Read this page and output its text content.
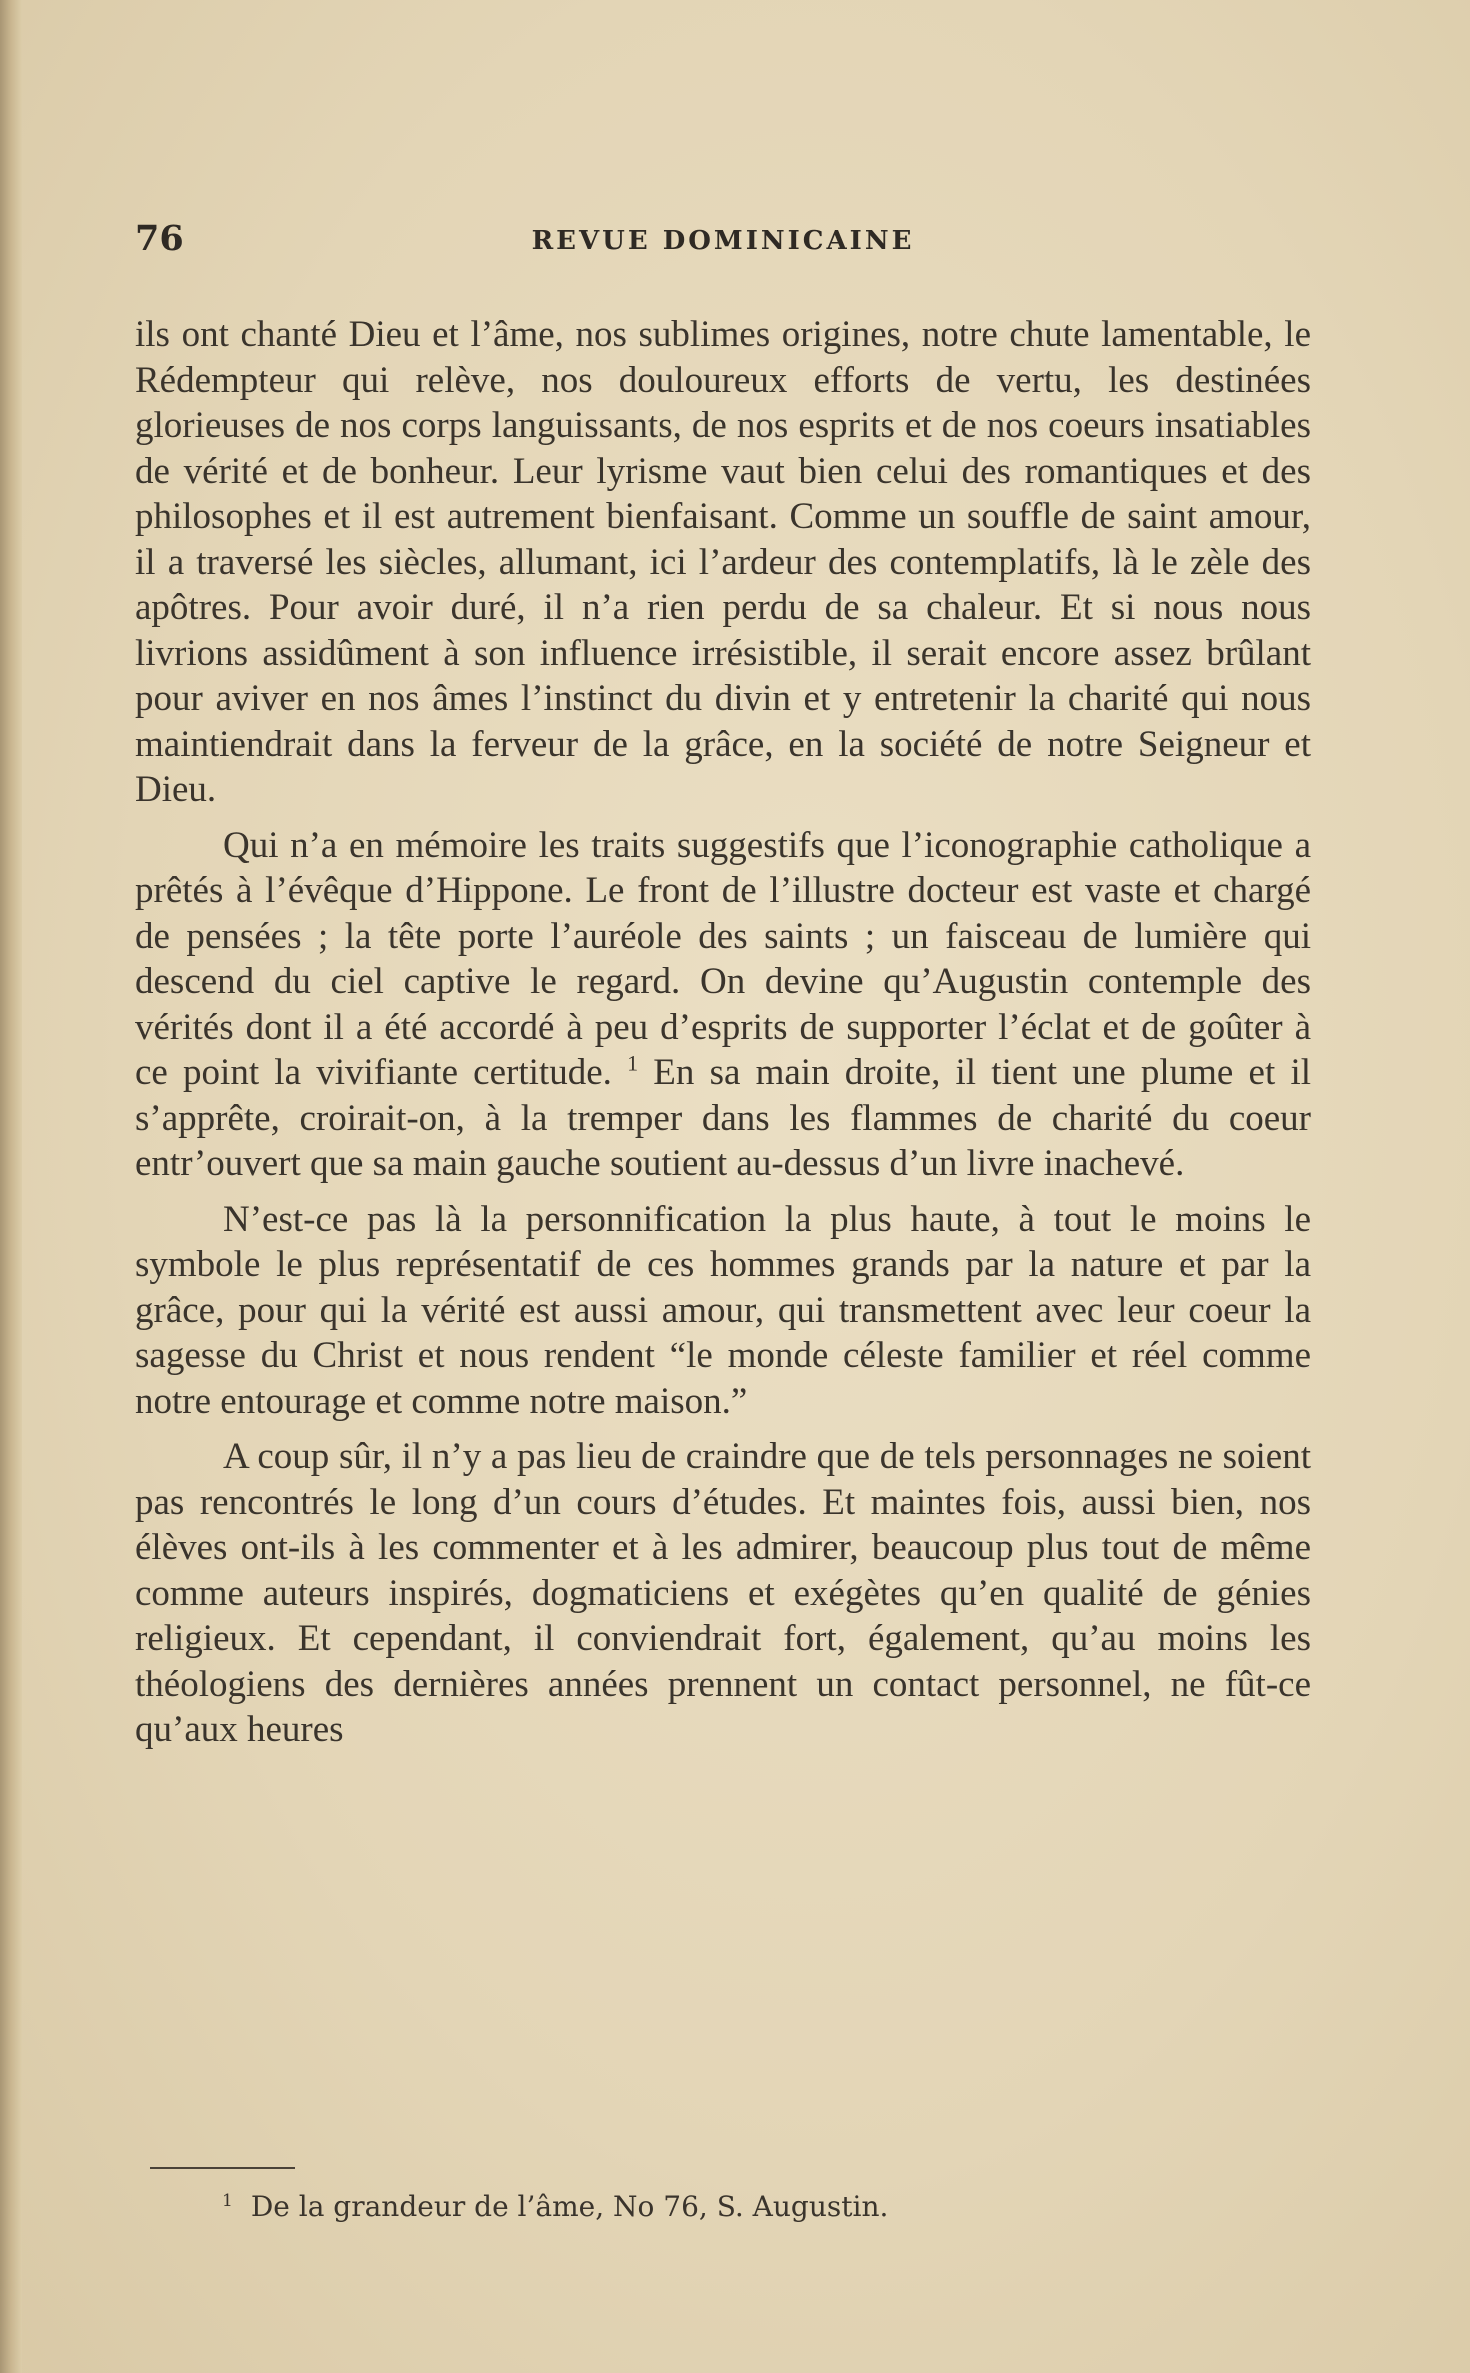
76	REVUE DOMINICAINE

ils ont chanté Dieu et l’âme, nos sublimes origines, notre chute lamentable, le Rédempteur qui relève, nos douloureux efforts de vertu, les destinées glorieuses de nos corps languissants, de nos esprits et de nos coeurs insatiables de vérité et de bonheur. Leur lyrisme vaut bien celui des romantiques et des philosophes et il est autrement bienfaisant. Comme un souffle de saint amour, il a traversé les siècles, allumant, ici l’ardeur des contemplatifs, là le zèle des apôtres. Pour avoir duré, il n’a rien perdu de sa chaleur. Et si nous nous livrions assidûment à son influence irrésistible, il serait encore assez brûlant pour aviver en nos âmes l’instinct du divin et y entretenir la charité qui nous maintiendrait dans la ferveur de la grâce, en la société de notre Seigneur et Dieu.

Qui n’a en mémoire les traits suggestifs que l’iconographie catholique a prêtés à l’évêque d’Hippone. Le front de l’illustre docteur est vaste et chargé de pensées ; la tête porte l’auréole des saints ; un faisceau de lumière qui descend du ciel captive le regard. On devine qu’Augustin contemple des vérités dont il a été accordé à peu d’esprits de supporter l’éclat et de goûter à ce point la vivifiante certitude. $^1$ En sa main droite, il tient une plume et il s’apprête, croirait-on, à la tremper dans les flammes de charité du coeur entr’ouvert que sa main gauche soutient au-dessus d’un livre inachevé.

N’est-ce pas là la personnification la plus haute, à tout le moins le symbole le plus représentatif de ces hommes grands par la nature et par la grâce, pour qui la vérité est aussi amour, qui transmettent avec leur coeur la sagesse du Christ et nous rendent “le monde céleste familier et réel comme notre entourage et comme notre maison.”

A coup sûr, il n’y a pas lieu de craindre que de tels personnages ne soient pas rencontrés le long d’un cours d’études. Et maintes fois, aussi bien, nos élèves ont-ils à les commenter et à les admirer, beaucoup plus tout de même comme auteurs inspirés, dogmaticiens et exégètes qu’en qualité de génies religieux. Et cependant, il conviendrait fort, également, qu’au moins les théologiens des dernières années prennent un contact personnel, ne fût-ce qu’aux heures

$^1$ De la grandeur de l’âme, No 76, S. Augustin.
